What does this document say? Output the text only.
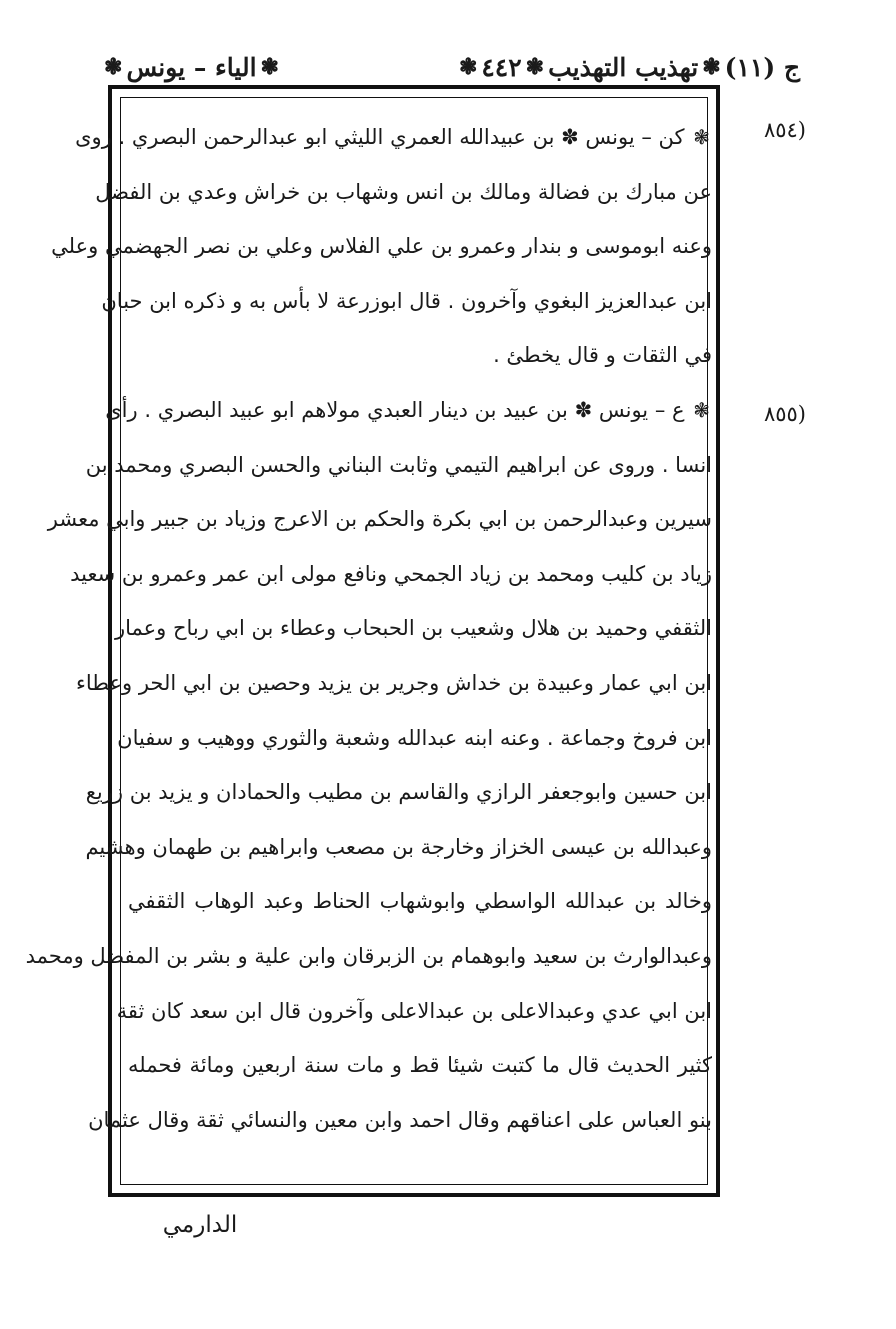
ج (١١)
❃
تهذيب التهذيب
❃
٤٤٢
❃
❃
الياء – يونس
❃
(٨٥٤
(٨٥٥
❃ كن – يونس ✽ بن عبيدالله العمري الليثي ابو عبدالرحمن البصري . روى
عن مبارك بن فضالة ومالك بن انس وشهاب بن خراش وعدي بن الفضل
وعنه ابوموسى و بندار وعمرو بن علي الفلاس وعلي بن نصر الجهضمي وعلي
ابن عبدالعزيز البغوي وآخرون . قال ابوزرعة لا بأس به و ذكره ابن حبان
في الثقات و قال يخطئ .
❃ ع – يونس ✽ بن عبيد بن دينار العبدي مولاهم ابو عبيد البصري . رأى
انسا . وروى عن ابراهيم التيمي وثابت البناني والحسن البصري ومحمد بن
سيرين وعبدالرحمن بن ابي بكرة والحكم بن الاعرج وزياد بن جبير وابي معشر
زياد بن كليب ومحمد بن زياد الجمحي ونافع مولى ابن عمر وعمرو بن سعيد
الثقفي وحميد بن هلال وشعيب بن الحبحاب وعطاء بن ابي رباح وعمار
ابن ابي عمار وعبيدة بن خداش وجرير بن يزيد وحصين بن ابي الحر وعطاء
ابن فروخ وجماعة . وعنه ابنه عبدالله وشعبة والثوري ووهيب و سفيان
ابن حسين وابوجعفر الرازي والقاسم بن مطيب والحمادان و يزيد بن زريع
وعبدالله بن عيسى الخزاز وخارجة بن مصعب وابراهيم بن طهمان وهشيم
وخالد بن عبدالله الواسطي وابوشهاب الحناط وعبد الوهاب الثقفي
وعبدالوارث بن سعيد وابوهمام بن الزبرقان وابن علية و بشر بن المفضل ومحمد
ابن ابي عدي وعبدالاعلى بن عبدالاعلى وآخرون قال ابن سعد كان ثقة
كثير الحديث قال ما كتبت شيئا قط و مات سنة اربعين ومائة فحمله
بنو العباس على اعناقهم وقال احمد وابن معين والنسائي ثقة وقال عثمان
الدارمي
